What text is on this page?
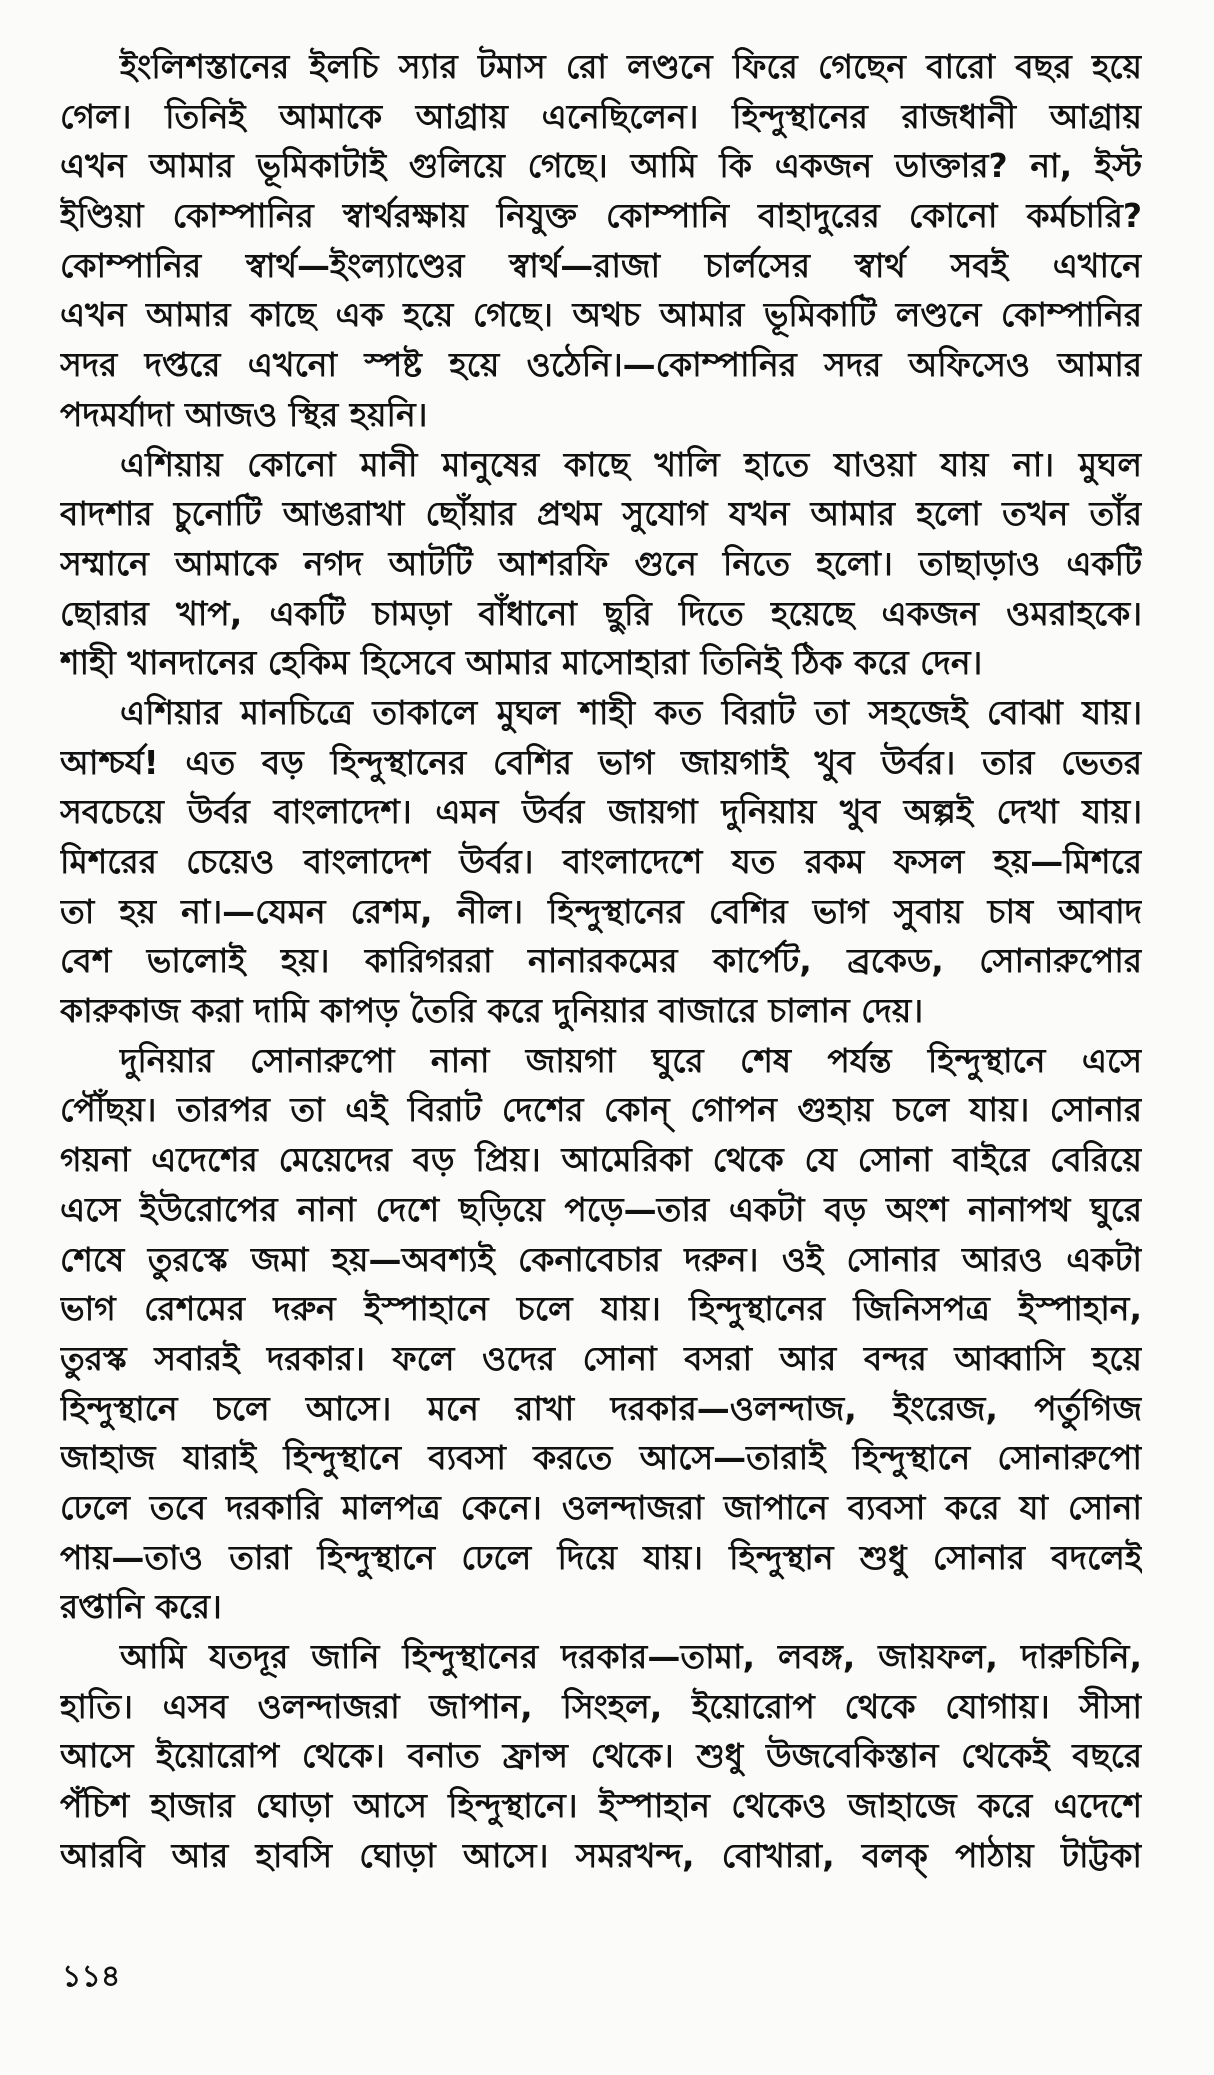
ইংলিশস্তানের ইলচি স্যার টমাস রো লণ্ডনে ফিরে গেছেন বারো বছর হয়ে
গেল। তিনিই আমাকে আগ্রায় এনেছিলেন। হিন্দুস্থানের রাজধানী আগ্রায়
এখন আমার ভূমিকাটাই গুলিয়ে গেছে। আমি কি একজন ডাক্তার? না, ইস্ট
ইণ্ডিয়া কোম্পানির স্বার্থরক্ষায় নিযুক্ত কোম্পানি বাহাদুরের কোনো কর্মচারি?
কোম্পানির স্বার্থ—ইংল্যাণ্ডের স্বার্থ—রাজা চার্লসের স্বার্থ সবই এখানে
এখন আমার কাছে এক হয়ে গেছে। অথচ আমার ভূমিকাটি লণ্ডনে কোম্পানির
সদর দপ্তরে এখনো স্পষ্ট হয়ে ওঠেনি।—কোম্পানির সদর অফিসেও আমার
পদমর্যাদা আজও স্থির হয়নি।
এশিয়ায় কোনো মানী মানুষের কাছে খালি হাতে যাওয়া যায় না। মুঘল
বাদশার চুনোটি আঙরাখা ছোঁয়ার প্রথম সুযোগ যখন আমার হলো তখন তাঁর
সম্মানে আমাকে নগদ আটটি আশরফি গুনে নিতে হলো। তাছাড়াও একটি
ছোরার খাপ, একটি চামড়া বাঁধানো ছুরি দিতে হয়েছে একজন ওমরাহকে।
শাহী খানদানের হেকিম হিসেবে আমার মাসোহারা তিনিই ঠিক করে দেন।
এশিয়ার মানচিত্রে তাকালে মুঘল শাহী কত বিরাট তা সহজেই বোঝা যায়।
আশ্চর্য! এত বড় হিন্দুস্থানের বেশির ভাগ জায়গাই খুব উর্বর। তার ভেতর
সবচেয়ে উর্বর বাংলাদেশ। এমন উর্বর জায়গা দুনিয়ায় খুব অল্পই দেখা যায়।
মিশরের চেয়েও বাংলাদেশ উর্বর। বাংলাদেশে যত রকম ফসল হয়—মিশরে
তা হয় না।—যেমন রেশম, নীল। হিন্দুস্থানের বেশির ভাগ সুবায় চাষ আবাদ
বেশ ভালোই হয়। কারিগররা নানারকমের কার্পেট, ব্রকেড, সোনারুপোর
কারুকাজ করা দামি কাপড় তৈরি করে দুনিয়ার বাজারে চালান দেয়।
দুনিয়ার সোনারুপো নানা জায়গা ঘুরে শেষ পর্যন্ত হিন্দুস্থানে এসে
পৌঁছয়। তারপর তা এই বিরাট দেশের কোন্ গোপন গুহায় চলে যায়। সোনার
গয়না এদেশের মেয়েদের বড় প্রিয়। আমেরিকা থেকে যে সোনা বাইরে বেরিয়ে
এসে ইউরোপের নানা দেশে ছড়িয়ে পড়ে—তার একটা বড় অংশ নানাপথ ঘুরে
শেষে তুরস্কে জমা হয়—অবশ্যই কেনাবেচার দরুন। ওই সোনার আরও একটা
ভাগ রেশমের দরুন ইস্পাহানে চলে যায়। হিন্দুস্থানের জিনিসপত্র ইস্পাহান,
তুরস্ক সবারই দরকার। ফলে ওদের সোনা বসরা আর বন্দর আব্বাসি হয়ে
হিন্দুস্থানে চলে আসে। মনে রাখা দরকার—ওলন্দাজ, ইংরেজ, পর্তুগিজ
জাহাজ যারাই হিন্দুস্থানে ব্যবসা করতে আসে—তারাই হিন্দুস্থানে সোনারুপো
ঢেলে তবে দরকারি মালপত্র কেনে। ওলন্দাজরা জাপানে ব্যবসা করে যা সোনা
পায়—তাও তারা হিন্দুস্থানে ঢেলে দিয়ে যায়। হিন্দুস্থান শুধু সোনার বদলেই
রপ্তানি করে।
আমি যতদূর জানি হিন্দুস্থানের দরকার—তামা, লবঙ্গ, জায়ফল, দারুচিনি,
হাতি। এসব ওলন্দাজরা জাপান, সিংহল, ইয়োরোপ থেকে যোগায়। সীসা
আসে ইয়োরোপ থেকে। বনাত ফ্রান্স থেকে। শুধু উজবেকিস্তান থেকেই বছরে
পঁচিশ হাজার ঘোড়া আসে হিন্দুস্থানে। ইস্পাহান থেকেও জাহাজে করে এদেশে
আরবি আর হাবসি ঘোড়া আসে। সমরখন্দ, বোখারা, বলক্ পাঠায় টাট্টকা
১১৪
